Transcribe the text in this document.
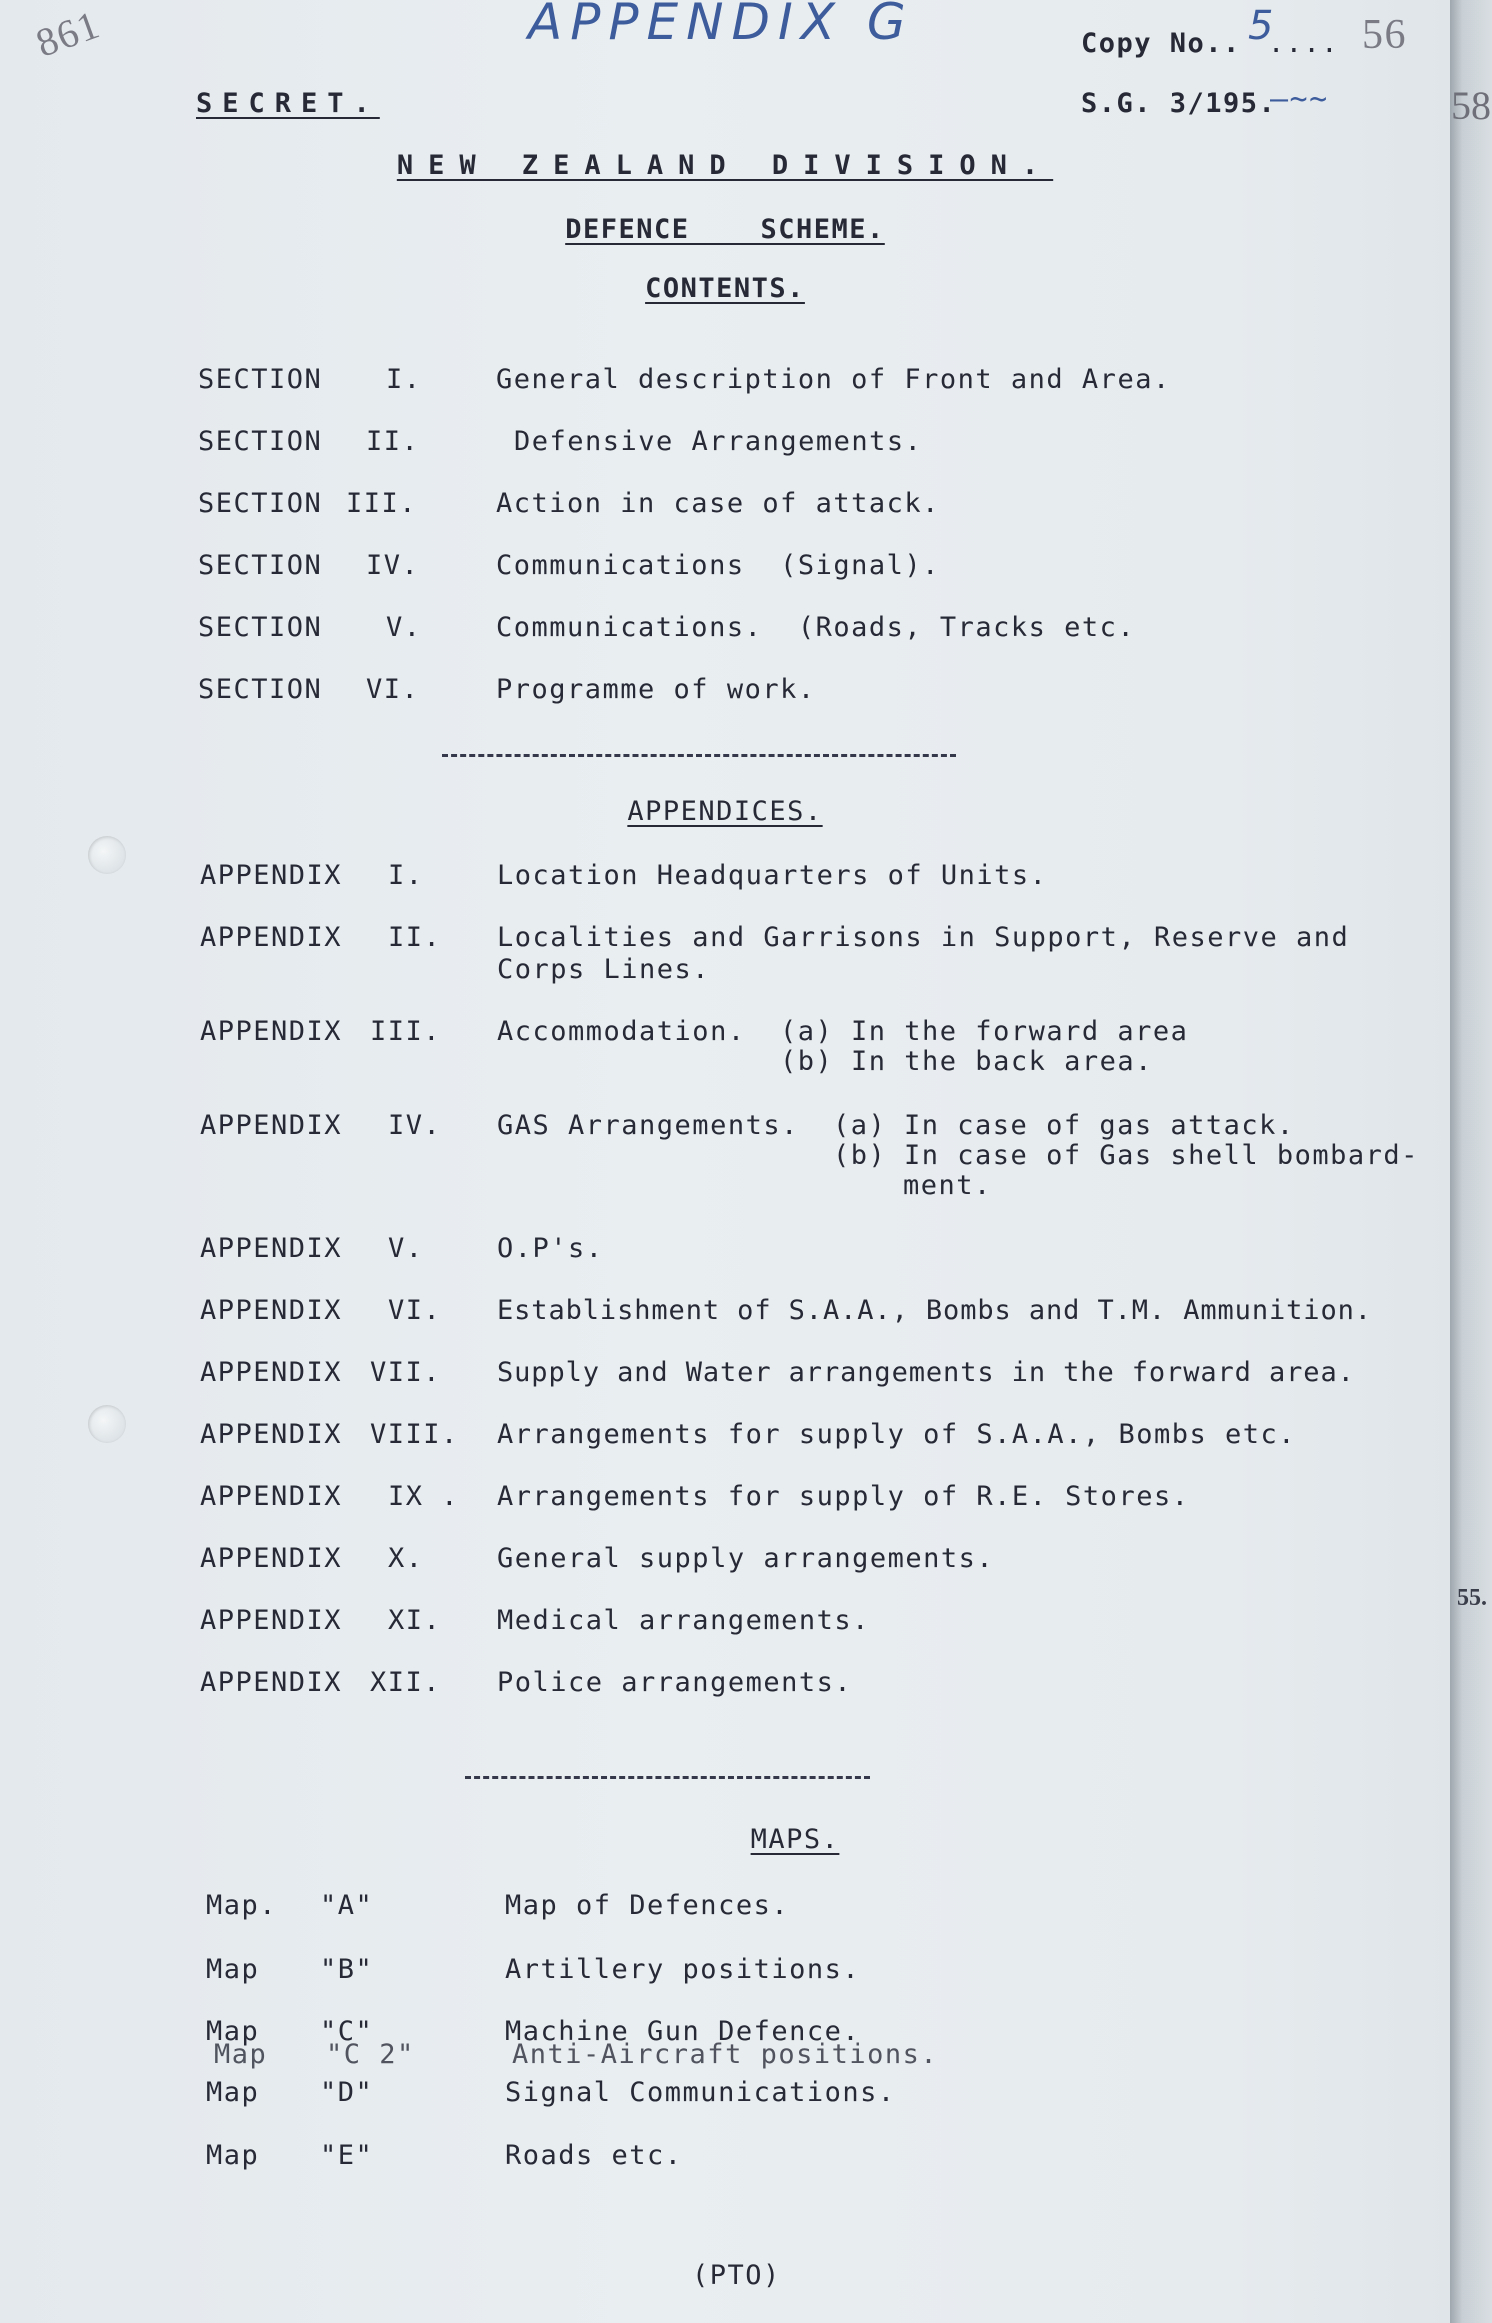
58
55.
861	APPENDIX G	Copy No.. 5
.... 56
SECRET.	S.G. 3/195.
—~~
NEW ZEALAND DIVISION.
DEFENCE    SCHEME.
CONTENTS.
SECTION I.	General description of Front and Area.
SECTION II.	Defensive Arrangements.
SECTION III.	Action in case of attack.
SECTION IV.	Communications  (Signal).
SECTION V.	Communications.  (Roads, Tracks etc.
SECTION VI.	Programme of work.
APPENDICES.
APPENDIX I.	Location Headquarters of Units.
APPENDIX II. Localities and Garrisons in Support, Reserve and
Corps Lines.
APPENDIX III. Accommodation. (a) In the forward area
(b) In the back area.
APPENDIX IV. GAS Arrangements. (a) In case of gas attack.
(b) In case of Gas shell bombard-
ment.
APPENDIX V.	O.P's.
APPENDIX VI. Establishment of S.A.A., Bombs and T.M. Ammunition.
APPENDIX VII. Supply and Water arrangements in the forward area.
APPENDIX VIII. Arrangements for supply of S.A.A., Bombs etc.
APPENDIX IX . Arrangements for supply of R.E. Stores.
APPENDIX X.	General supply arrangements.
APPENDIX XI. Medical arrangements.
APPENDIX XII. Police arrangements.
MAPS.
Map. "A"	Map of Defences.
Map "B"	Artillery positions.
Map "C"	Machine Gun Defence.
Map "C 2"	Anti-Aircraft positions.
Map "D"	Signal Communications.
Map "E"	Roads etc.
(PTO)
